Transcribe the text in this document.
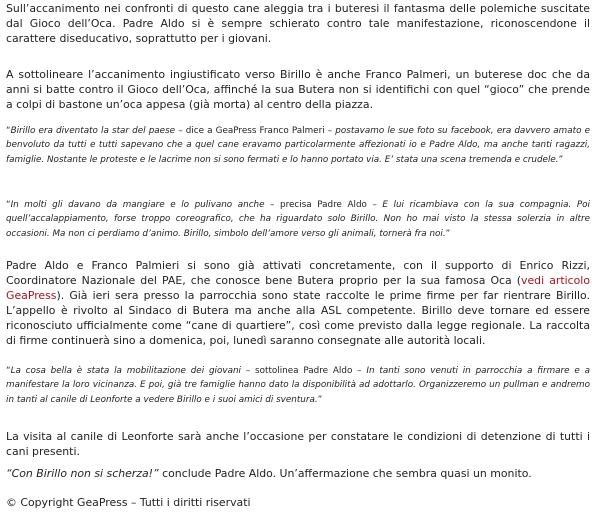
Sull’accanimento nei confronti di questo cane aleggia tra i buteresi il fantasma delle polemiche suscitate dal Gioco dell’Oca. Padre Aldo si è sempre schierato contro tale manifestazione, riconoscendone il carattere diseducativo, soprattutto per i giovani.

A sottolineare l’accanimento ingiustificato verso Birillo è anche Franco Palmeri, un buterese doc che da anni si batte contro il Gioco dell’Oca, affinché la sua Butera non si identifichi con quel “gioco” che prende a colpi di bastone un’oca appesa (già morta) al centro della piazza.

“Birillo era diventato la star del paese – dice a GeaPress Franco Palmeri – postavamo le sue foto su facebook, era davvero amato e benvoluto da tutti e tutti sapevano che a quel cane eravamo particolarmente affezionati io e Padre Aldo, ma anche tanti ragazzi, famiglie. Nostante le proteste e le lacrime non si sono fermati e lo hanno portato via. E’ stata una scena tremenda e crudele.”

“In molti gli davano da mangiare e lo pulivano anche – precisa Padre Aldo – E lui ricambiava con la sua compagnia. Poi quell’accalappiamento, forse troppo coreografico, che ha riguardato solo Birillo. Non ho mai visto la stessa solerzia in altre occasioni. Ma non ci perdiamo d’animo. Birillo, simbolo dell’amore verso gli animali, tornerà fra noi.”

Padre Aldo e Franco Palmieri si sono già attivati concretamente, con il supporto di Enrico Rizzi, Coordinatore Nazionale del PAE, che conosce bene Butera proprio per la sua famosa Oca (vedi articolo GeaPress). Già ieri sera presso la parrocchia sono state raccolte le prime firme per far rientrare Birillo. L’appello è rivolto al Sindaco di Butera ma anche alla ASL competente. Birillo deve tornare ed essere riconosciuto ufficialmente come “cane di quartiere”, così come previsto dalla legge regionale. La raccolta di firme continuerà sino a domenica, poi, lunedì saranno consegnate alle autorità locali.

“La cosa bella è stata la mobilitazione dei giovani – sottolinea Padre Aldo – In tanti sono venuti in parrocchia a firmare e a manifestare la loro vicinanza. E poi, già tre famiglie hanno dato la disponibilità ad adottarlo. Organizzeremo un pullman e andremo in tanti al canile di Leonforte a vedere Birillo e i suoi amici di sventura.”

La visita al canile di Leonforte sarà anche l’occasione per constatare le condizioni di detenzione di tutti i cani presenti.

“Con Birillo non si scherza!” conclude Padre Aldo. Un’affermazione che sembra quasi un monito.

© Copyright GeaPress – Tutti i diritti riservati
